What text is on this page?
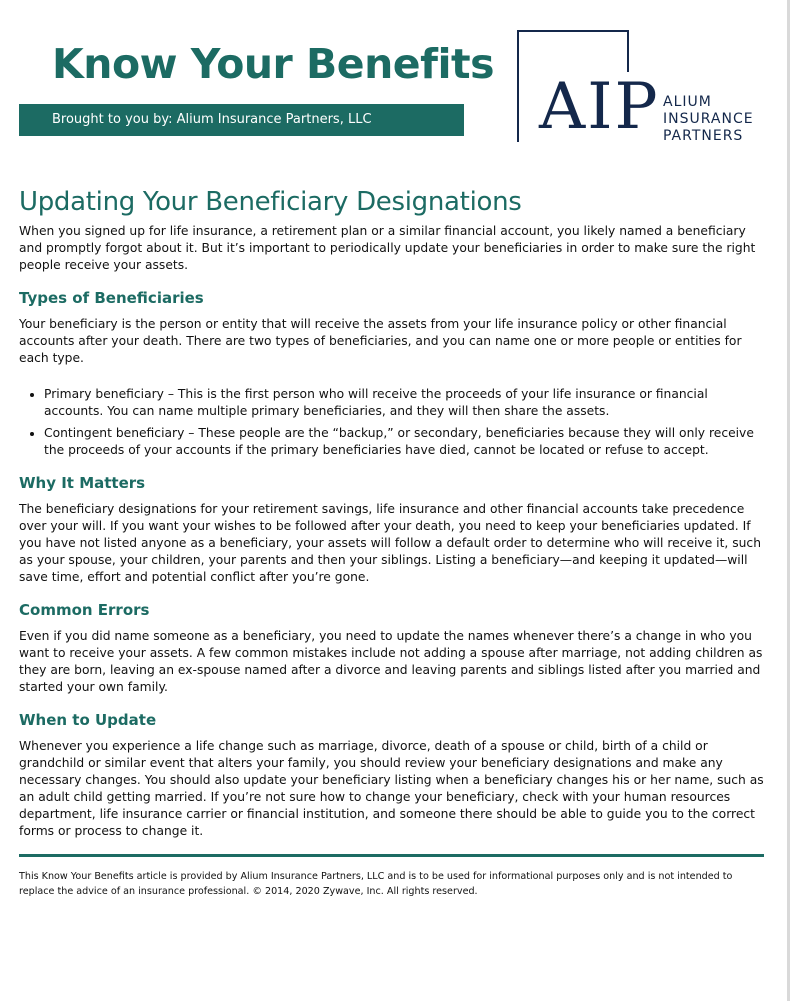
Know Your Benefits
Brought to you by: Alium Insurance Partners, LLC	AIP ALIUM
INSURANCE
PARTNERS
Updating Your Beneficiary Designations

When you signed up for life insurance, a retirement plan or a similar financial account, you likely named a beneficiary and promptly forgot about it. But it’s important to periodically update your beneficiaries in order to make sure the right people receive your assets.

Types of Beneficiaries

Your beneficiary is the person or entity that will receive the assets from your life insurance policy or other financial accounts after your death. There are two types of beneficiaries, and you can name one or more people or entities for each type.

• Primary beneficiary – This is the first person who will receive the proceeds of your life insurance or financial accounts. You can name multiple primary beneficiaries, and they will then share the assets.
• Contingent beneficiary – These people are the “backup,” or secondary, beneficiaries because they will only receive the proceeds of your accounts if the primary beneficiaries have died, cannot be located or refuse to accept.
Why It Matters

The beneficiary designations for your retirement savings, life insurance and other financial accounts take precedence over your will. If you want your wishes to be followed after your death, you need to keep your beneficiaries updated. If you have not listed anyone as a beneficiary, your assets will follow a default order to determine who will receive it, such as your spouse, your children, your parents and then your siblings. Listing a beneficiary—and keeping it updated—will save time, effort and potential conflict after you’re gone.

Common Errors

Even if you did name someone as a beneficiary, you need to update the names whenever there’s a change in who you want to receive your assets. A few common mistakes include not adding a spouse after marriage, not adding children as they are born, leaving an ex-spouse named after a divorce and leaving parents and siblings listed after you married and started your own family.

When to Update

Whenever you experience a life change such as marriage, divorce, death of a spouse or child, birth of a child or grandchild or similar event that alters your family, you should review your beneficiary designations and make any necessary changes. You should also update your beneficiary listing when a beneficiary changes his or her name, such as an adult child getting married. If you’re not sure how to change your beneficiary, check with your human resources department, life insurance carrier or financial institution, and someone there should be able to guide you to the correct forms or process to change it.

This Know Your Benefits article is provided by Alium Insurance Partners, LLC and is to be used for informational purposes only and is not intended to replace the advice of an insurance professional. © 2014, 2020 Zywave, Inc. All rights reserved.
